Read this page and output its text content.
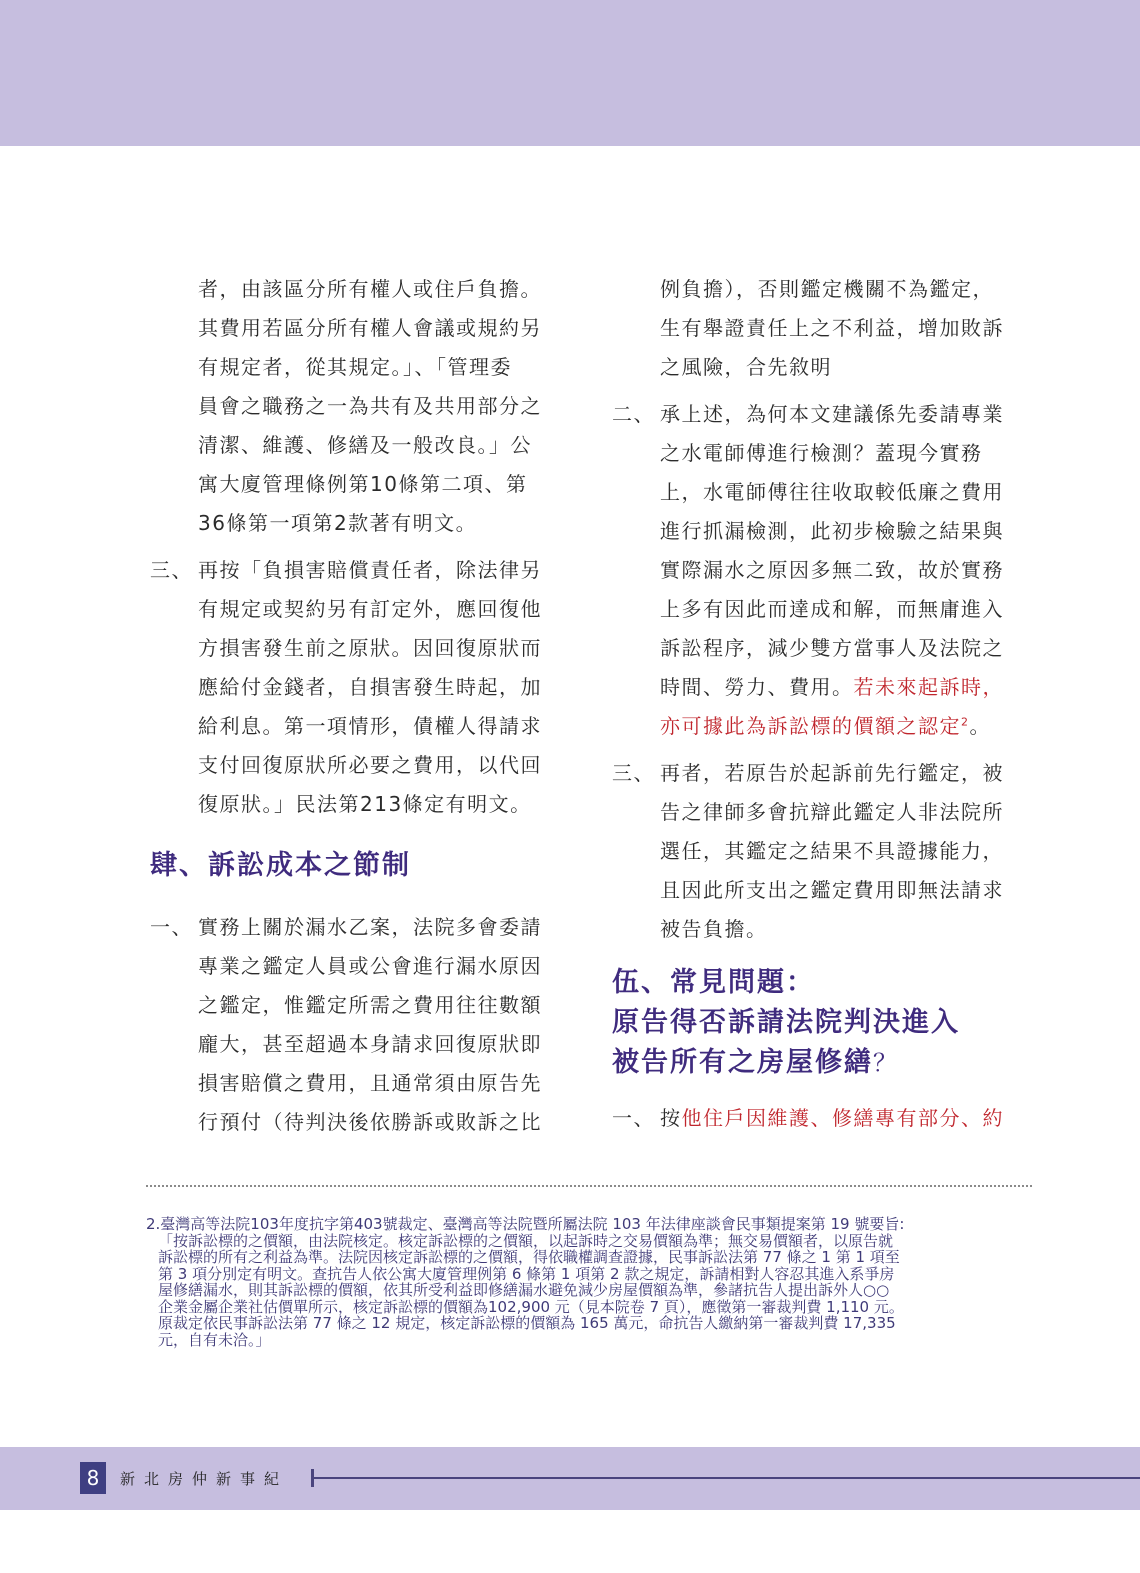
者，由該區分所有權人或住戶負擔。
其費用若區分所有權人會議或規約另
有規定者，從其規定。」、「管理委
員會之職務之一為共有及共用部分之
清潔、維護、修繕及一般改良。」公
寓大廈管理條例第10條第二項、第
36條第一項第2款著有明文。
三、 再按「負損害賠償責任者，除法律另
有規定或契約另有訂定外，應回復他
方損害發生前之原狀。因回復原狀而
應給付金錢者，自損害發生時起，加
給利息。第一項情形，債權人得請求
支付回復原狀所必要之費用，以代回
復原狀。」民法第213條定有明文。
肆、訴訟成本之節制
一、 實務上關於漏水乙案，法院多會委請
專業之鑑定人員或公會進行漏水原因
之鑑定，惟鑑定所需之費用往往數額
龐大，甚至超過本身請求回復原狀即
損害賠償之費用，且通常須由原告先
行預付（待判決後依勝訴或敗訴之比
例負擔），否則鑑定機關不為鑑定，
生有舉證責任上之不利益，增加敗訴
之風險，合先敘明
二、 承上述，為何本文建議係先委請專業
之水電師傅進行檢測？蓋現今實務
上，水電師傅往往收取較低廉之費用
進行抓漏檢測，此初步檢驗之結果與
實際漏水之原因多無二致，故於實務
上多有因此而達成和解，而無庸進入
訴訟程序，減少雙方當事人及法院之
時間、勞力、費用。若未來起訴時，
亦可據此為訴訟標的價額之認定$^2$。
三、 再者，若原告於起訴前先行鑑定，被
告之律師多會抗辯此鑑定人非法院所
選任，其鑑定之結果不具證據能力，
且因此所支出之鑑定費用即無法請求
被告負擔。
伍、常見問題：
原告得否訴請法院判決進入
被告所有之房屋修繕？
一、 按他住戶因維護、修繕專有部分、約
2.臺灣高等法院103年度抗字第403號裁定、臺灣高等法院暨所屬法院 103 年法律座談會民事類提案第 19 號要旨:
「按訴訟標的之價額，由法院核定。核定訴訟標的之價額，以起訴時之交易價額為準；無交易價額者，以原告就
訴訟標的所有之利益為準。法院因核定訴訟標的之價額，得依職權調查證據，民事訴訟法第 77 條之 1 第 1 項至
第 3 項分別定有明文。查抗告人依公寓大廈管理例第 6 條第 1 項第 2 款之規定，訴請相對人容忍其進入系爭房
屋修繕漏水，則其訴訟標的價額，依其所受利益即修繕漏水避免減少房屋價額為準，參諸抗告人提出訴外人○○
企業金屬企業社估價單所示，核定訴訟標的價額為102,900 元（見本院卷 7 頁），應徵第一審裁判費 1,110 元。
原裁定依民事訴訟法第 77 條之 12 規定，核定訴訟標的價額為 165 萬元，命抗告人繳納第一審裁判費 17,335
元，自有未洽。」
8	新北房仲新事紀
